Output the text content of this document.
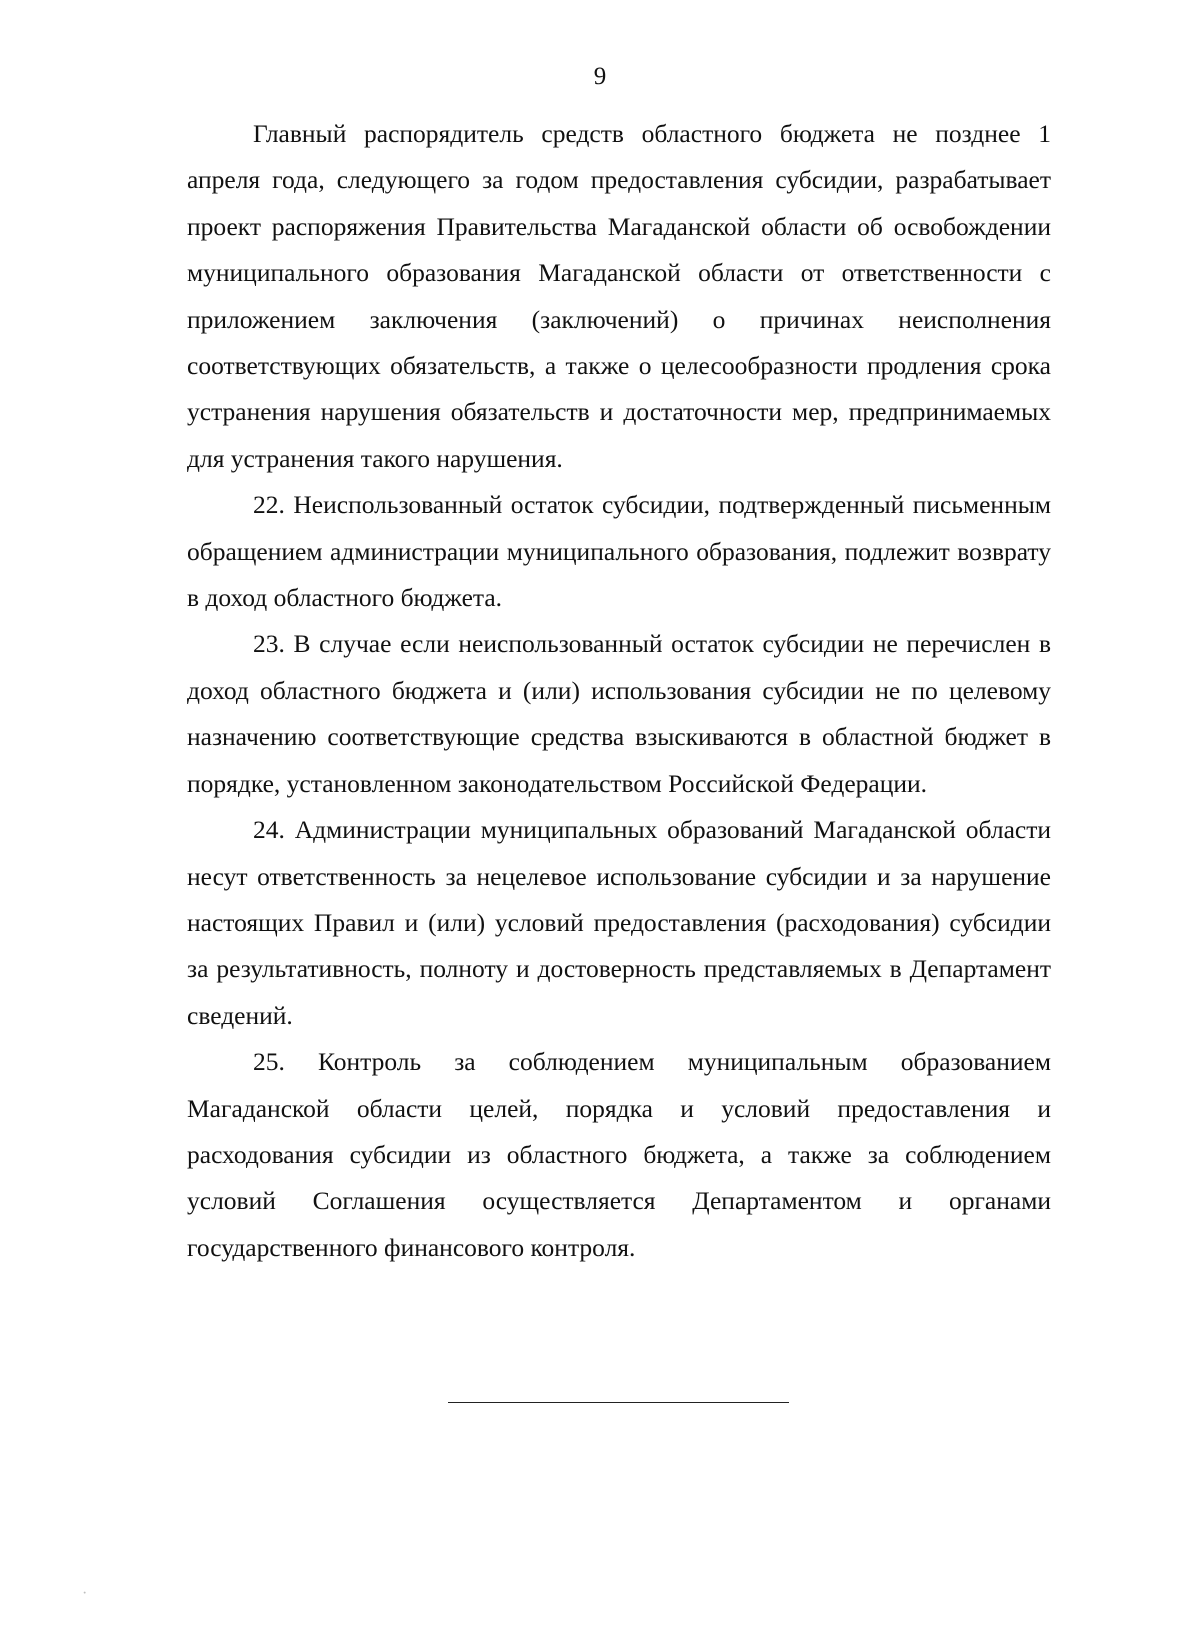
9

Главный распорядитель средств областного бюджета не позднее 1 апреля года, следующего за годом предоставления субсидии, разрабатывает проект распоряжения Правительства Магаданской области об освобождении муниципального образования Магаданской области от ответственности с приложением заключения (заключений) о причинах неисполнения соответствующих обязательств, а также о целесообразности продления срока устранения нарушения обязательств и достаточности мер, предпринимаемых для устранения такого нарушения.

22. Неиспользованный остаток субсидии, подтвержденный письменным обращением администрации муниципального образования, подлежит возврату в доход областного бюджета.

23. В случае если неиспользованный остаток субсидии не перечислен в доход областного бюджета и (или) использования субсидии не по целевому назначению соответствующие средства взыскиваются в областной бюджет в порядке, установленном законодательством Российской Федерации.

24. Администрации муниципальных образований Магаданской области несут ответственность за нецелевое использование субсидии и за нарушение настоящих Правил и (или) условий предоставления (расходования) субсидии за результативность, полноту и достоверность представляемых в Департамент сведений.

25. Контроль за соблюдением муниципальным образованием Магаданской области целей, порядка и условий предоставления и расходования субсидии из областного бюджета, а также за соблюдением условий Соглашения осуществляется Департаментом и органами государственного финансового контроля.

·
